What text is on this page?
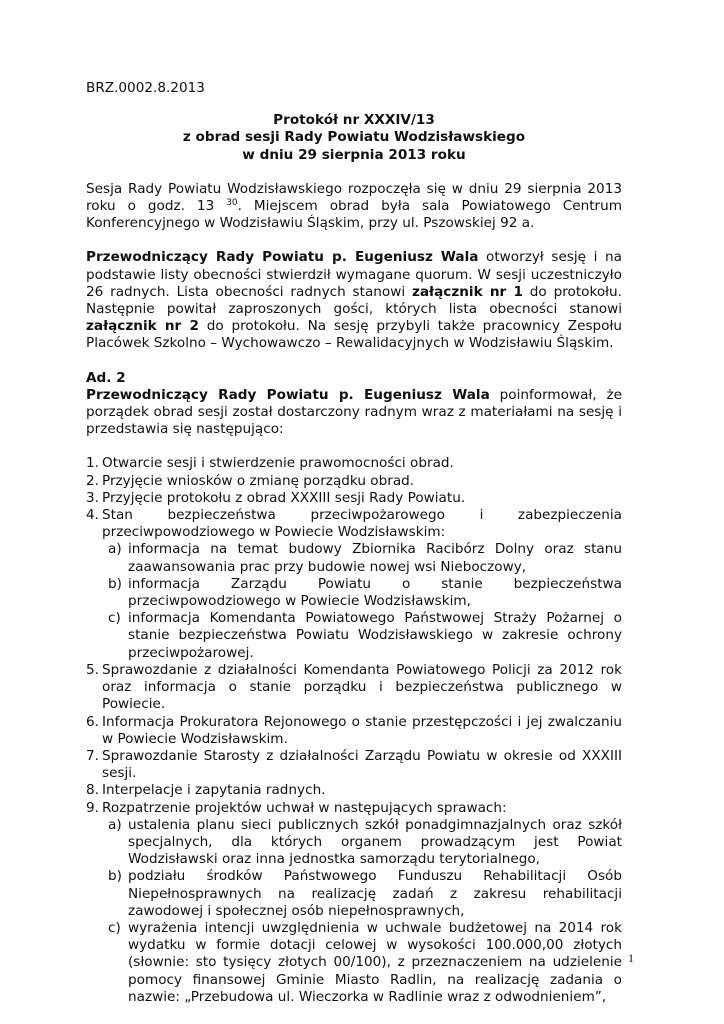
BRZ.0002.8.2013
Protokół nr XXXIV/13
z obrad sesji Rady Powiatu Wodzisławskiego
w dniu 29 sierpnia 2013 roku

Sesja Rady Powiatu Wodzisławskiego rozpoczęła się w dniu 29 sierpnia 2013 roku o godz. 13 $^{30}$. Miejscem obrad była sala Powiatowego Centrum Konferencyjnego w Wodzisławiu Śląskim, przy ul. Pszowskiej 92 a.

Przewodniczący Rady Powiatu p. Eugeniusz Wala otworzył sesję i na podstawie listy obecności stwierdził wymagane quorum. W sesji uczestniczyło 26 radnych. Lista obecności radnych stanowi załącznik nr 1 do protokołu. Następnie powitał zaproszonych gości, których lista obecności stanowi załącznik nr 2 do protokołu. Na sesję przybyli także pracownicy Zespołu Placówek Szkolno – Wychowawczo – Rewalidacyjnych w Wodzisławiu Śląskim.

Ad. 2

Przewodniczący Rady Powiatu p. Eugeniusz Wala poinformował, że porządek obrad sesji został dostarczony radnym wraz z materiałami na sesję i przedstawia się następująco:

1. Otwarcie sesji i stwierdzenie prawomocności obrad.
2. Przyjęcie wniosków o zmianę porządku obrad.
3. Przyjęcie protokołu z obrad XXXIII sesji Rady Powiatu.
4. Stan bezpieczeństwa przeciwpożarowego i zabezpieczenia przeciwpowodziowego w Powiecie Wodzisławskim:
a) informacja na temat budowy Zbiornika Racibórz Dolny oraz stanu zaawansowania prac przy budowie nowej wsi Nieboczowy,
b) informacja Zarządu Powiatu o stanie bezpieczeństwa przeciwpowodziowego w Powiecie Wodzisławskim,
c) informacja Komendanta Powiatowego Państwowej Straży Pożarnej o stanie bezpieczeństwa Powiatu Wodzisławskiego w zakresie ochrony przeciwpożarowej.
5. Sprawozdanie z działalności Komendanta Powiatowego Policji za 2012 rok oraz informacja o stanie porządku i bezpieczeństwa publicznego w Powiecie.
6. Informacja Prokuratora Rejonowego o stanie przestępczości i jej zwalczaniu w Powiecie Wodzisławskim.
7. Sprawozdanie Starosty z działalności Zarządu Powiatu w okresie od XXXIII sesji.
8. Interpelacje i zapytania radnych.
9. Rozpatrzenie projektów uchwał w następujących sprawach:
a) ustalenia planu sieci publicznych szkół ponadgimnazjalnych oraz szkół specjalnych, dla których organem prowadzącym jest Powiat Wodzisławski oraz inna jednostka samorządu terytorialnego,
b) podziału środków Państwowego Funduszu Rehabilitacji Osób Niepełnosprawnych na realizację zadań z zakresu rehabilitacji zawodowej i społecznej osób niepełnosprawnych,
c) wyrażenia intencji uwzględnienia w uchwale budżetowej na 2014 rok wydatku w formie dotacji celowej w wysokości 100.000,00 złotych (słownie: sto tysięcy złotych 00/100), z przeznaczeniem na udzielenie pomocy finansowej Gminie Miasto Radlin, na realizację zadania o nazwie: „Przebudowa ul. Wieczorka w Radlinie wraz z odwodnieniem”,
1
